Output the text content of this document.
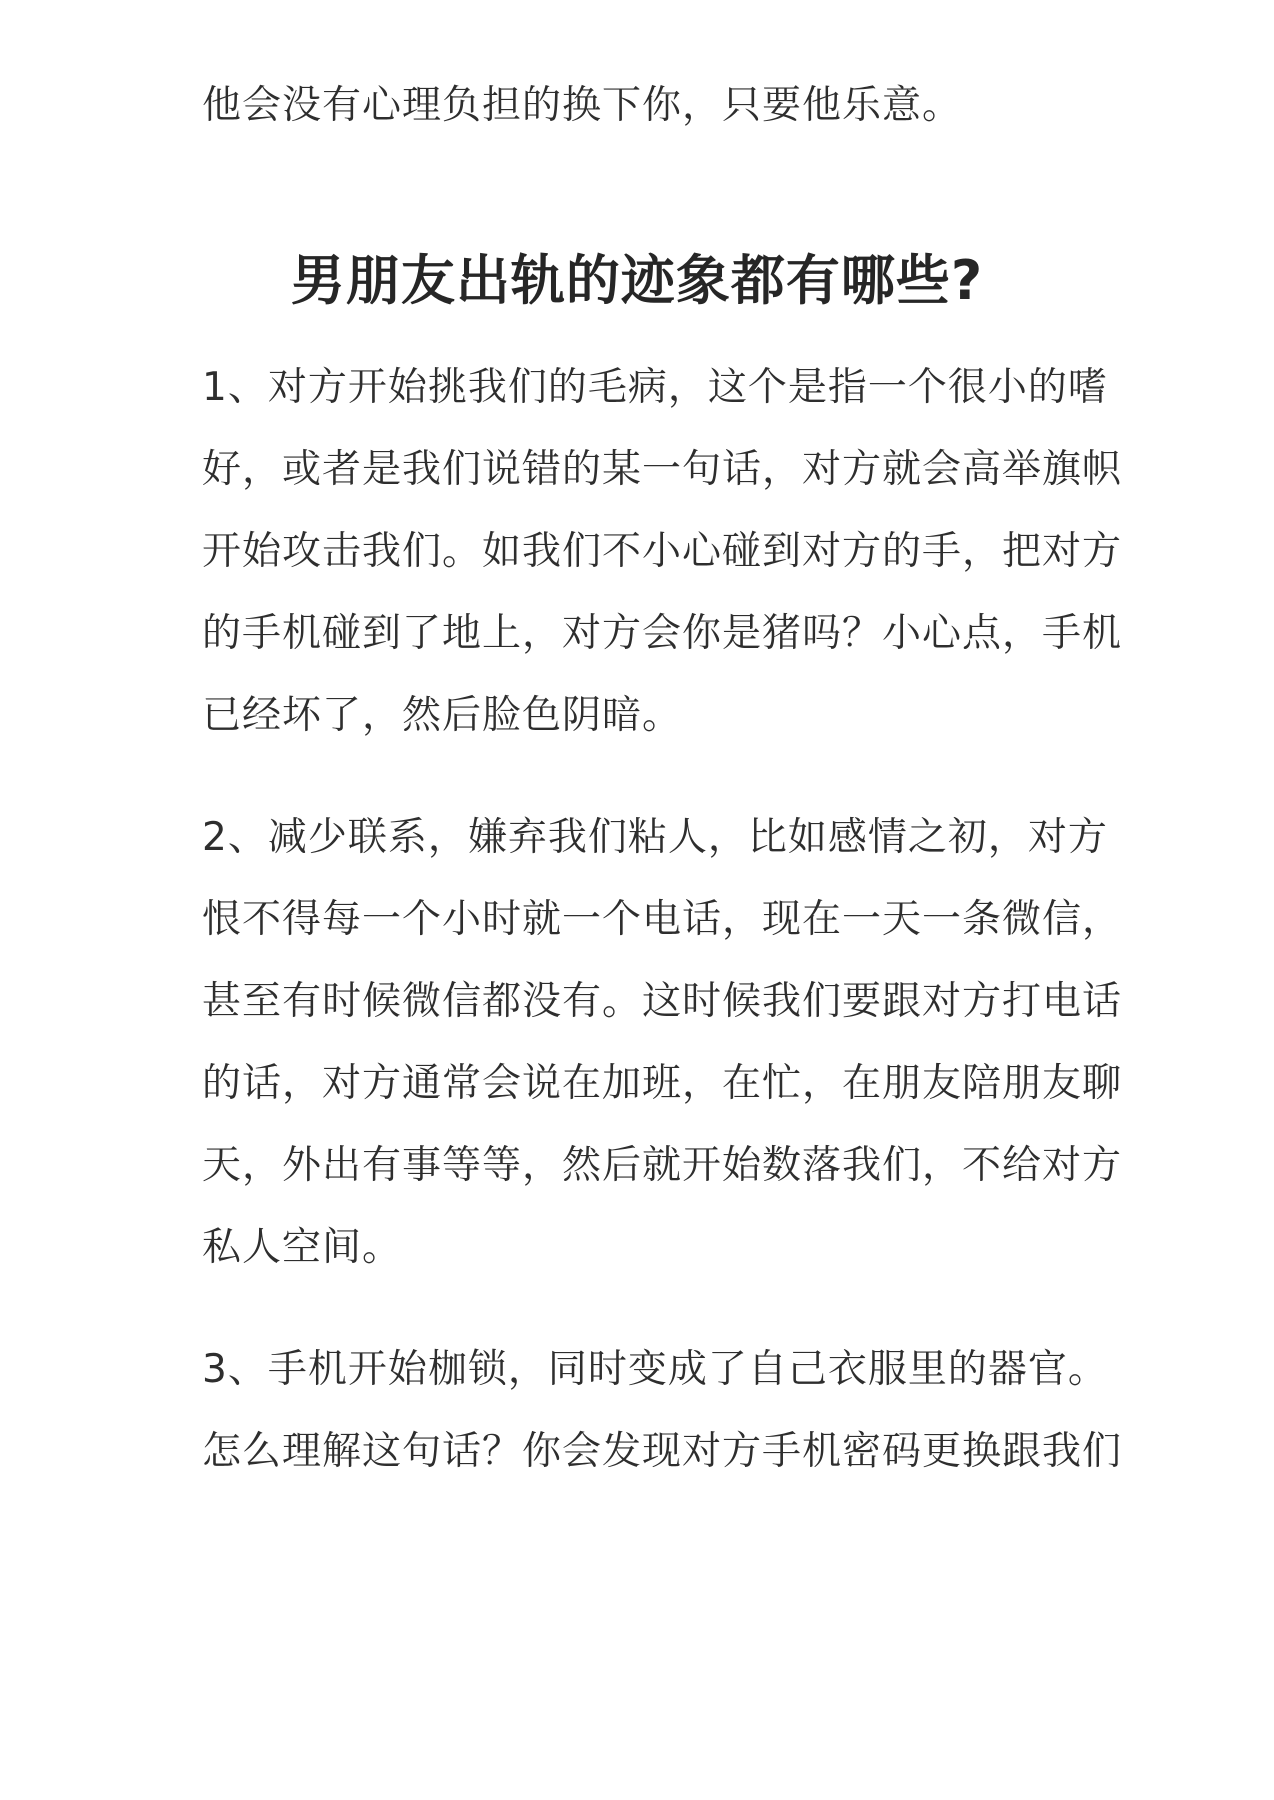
他会没有心理负担的换下你，只要他乐意。

男朋友出轨的迹象都有哪些?

1、对方开始挑我们的毛病，这个是指一个很小的嗜

好，或者是我们说错的某一句话，对方就会高举旗帜

开始攻击我们。如我们不小心碰到对方的手，把对方

的手机碰到了地上，对方会你是猪吗？小心点，手机

已经坏了，然后脸色阴暗。

2、减少联系，嫌弃我们粘人，比如感情之初，对方

恨不得每一个小时就一个电话，现在一天一条微信，

甚至有时候微信都没有。这时候我们要跟对方打电话

的话，对方通常会说在加班，在忙，在朋友陪朋友聊

天，外出有事等等，然后就开始数落我们，不给对方

私人空间。

3、手机开始枷锁，同时变成了自己衣服里的器官。

怎么理解这句话？你会发现对方手机密码更换跟我们
